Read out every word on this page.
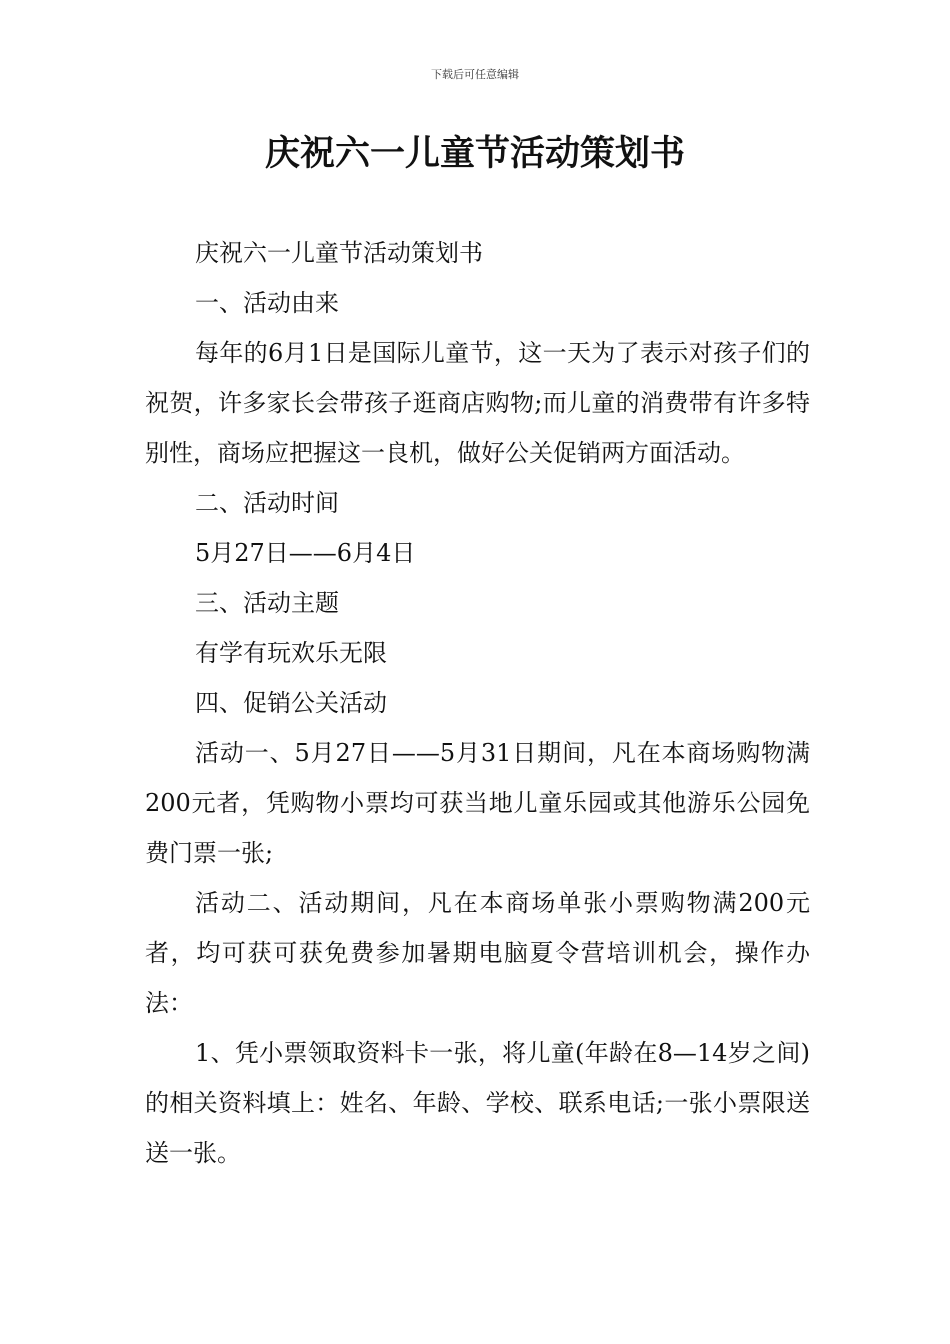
下载后可任意编辑
庆祝六一儿童节活动策划书

庆祝六一儿童节活动策划书

一、活动由来

每年的6月1日是国际儿童节，这一天为了表示对孩子们的祝贺，许多家长会带孩子逛商店购物;而儿童的消费带有许多特别性，商场应把握这一良机，做好公关促销两方面活动。

二、活动时间

5月27日——6月4日

三、活动主题

有学有玩欢乐无限

四、促销公关活动

活动一、5月27日——5月31日期间，凡在本商场购物满200元者，凭购物小票均可获当地儿童乐园或其他游乐公园免费门票一张;

活动二、活动期间，凡在本商场单张小票购物满200元者，均可获可获免费参加暑期电脑夏令营培训机会，操作办法：

1、凭小票领取资料卡一张，将儿童(年龄在8—14岁之间)的相关资料填上：姓名、年龄、学校、联系电话;一张小票限送送一张。
